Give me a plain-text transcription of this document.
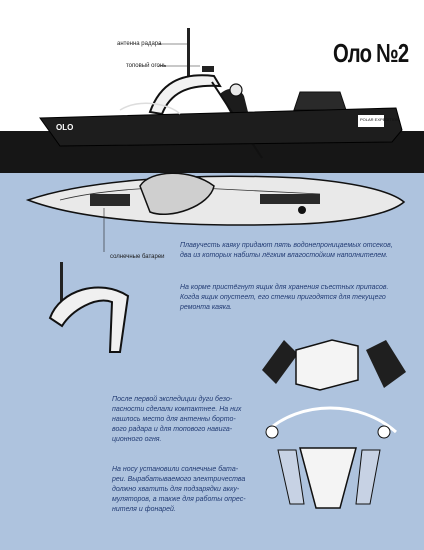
OLO
POLAR EXPEDITION
Оло №2
антенна радара
топовый огонь
солнечные батареи

Плавучесть каяку придают пять водонепроницаемых отсеков,

два из которых набиты лёгким влагостойким наполнителем.

На корме пристёгнут ящик для хранения съестных припасов.

Когда ящик опустеет, его стенки пригодятся для текущего

ремонта каяка.

После первой экспедиции дуги безо-

пасности сделали компактнее. На них

нашлось место для антенны борто-

вого радара и для топового навига-

ционного огня.

На носу установили солнечные бата-

реи. Вырабатываемого электричества

должно хватить для подзарядки акку-

муляторов, а также для работы опрес-

нителя и фонарей.
